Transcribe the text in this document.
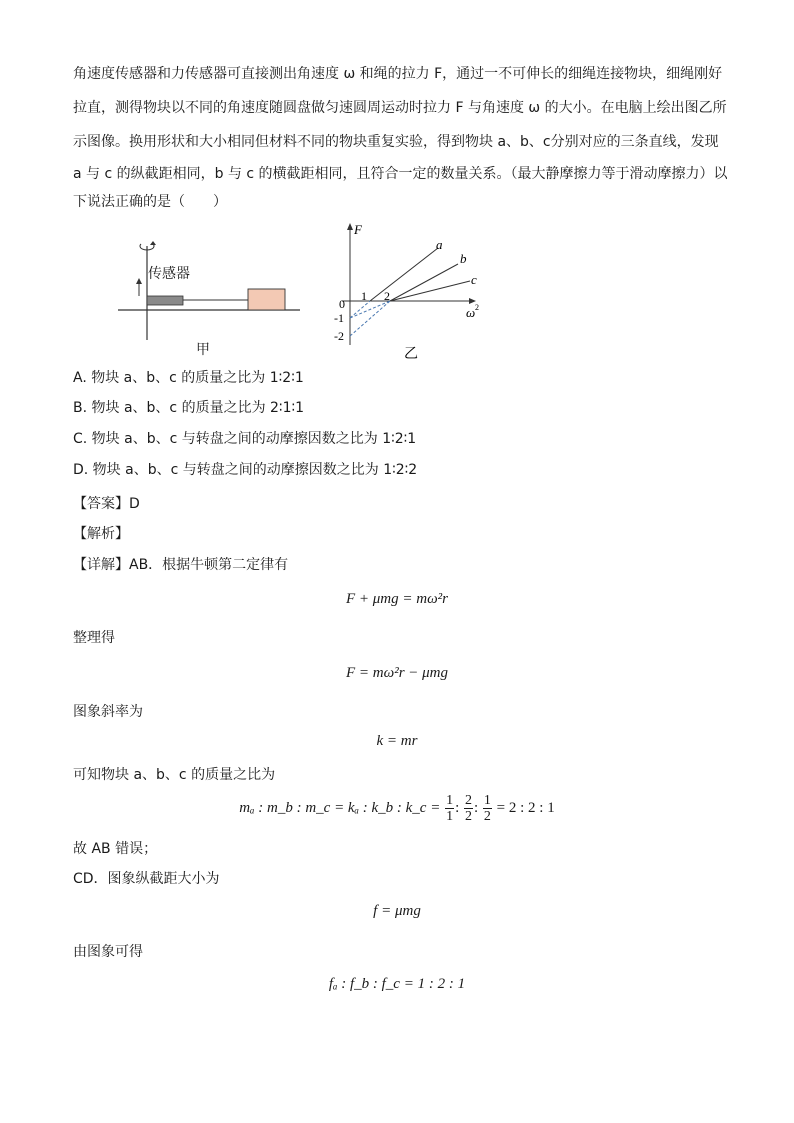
角速度传感器和力传感器可直接测出角速度 ω 和绳的拉力 F，通过一不可伸长的细绳连接物块，细绳刚好
拉直，测得物块以不同的角速度随圆盘做匀速圆周运动时拉力 F 与角速度 ω 的大小。在电脑上绘出图乙所
示图像。换用形状和大小相同但材料不同的物块重复实验，得到物块 a、b、c分别对应的三条直线，发现
a 与 c 的纵截距相同，b 与 c 的横截距相同，且符合一定的数量关系。（最大静摩擦力等于滑动摩擦力）以
下说法正确的是（　　）
传感器
甲
F
ω 2
0
1 2
-1
-2
a
b
c
乙
A. 物块 a、b、c 的质量之比为 1∶2∶1
B. 物块 a、b、c 的质量之比为 2∶1∶1
C. 物块 a、b、c 与转盘之间的动摩擦因数之比为 1∶2∶1
D. 物块 a、b、c 与转盘之间的动摩擦因数之比为 1∶2∶2
【答案】D
【解析】
【详解】AB．根据牛顿第二定律有
F + μmg = mω²r
整理得
F = mω²r − μmg
图象斜率为
k = mr
可知物块 a、b、c 的质量之比为
mₐ : m_b : m_c = kₐ : k_b : k_c = $\frac{1}{1}$ : $\frac{2}{2}$ : $\frac{1}{2} = 2$ : 2 : 1
故 AB 错误；
CD．图象纵截距大小为
f = μmg
由图象可得
fₐ : f_b : f_c = 1 : 2 : 1
